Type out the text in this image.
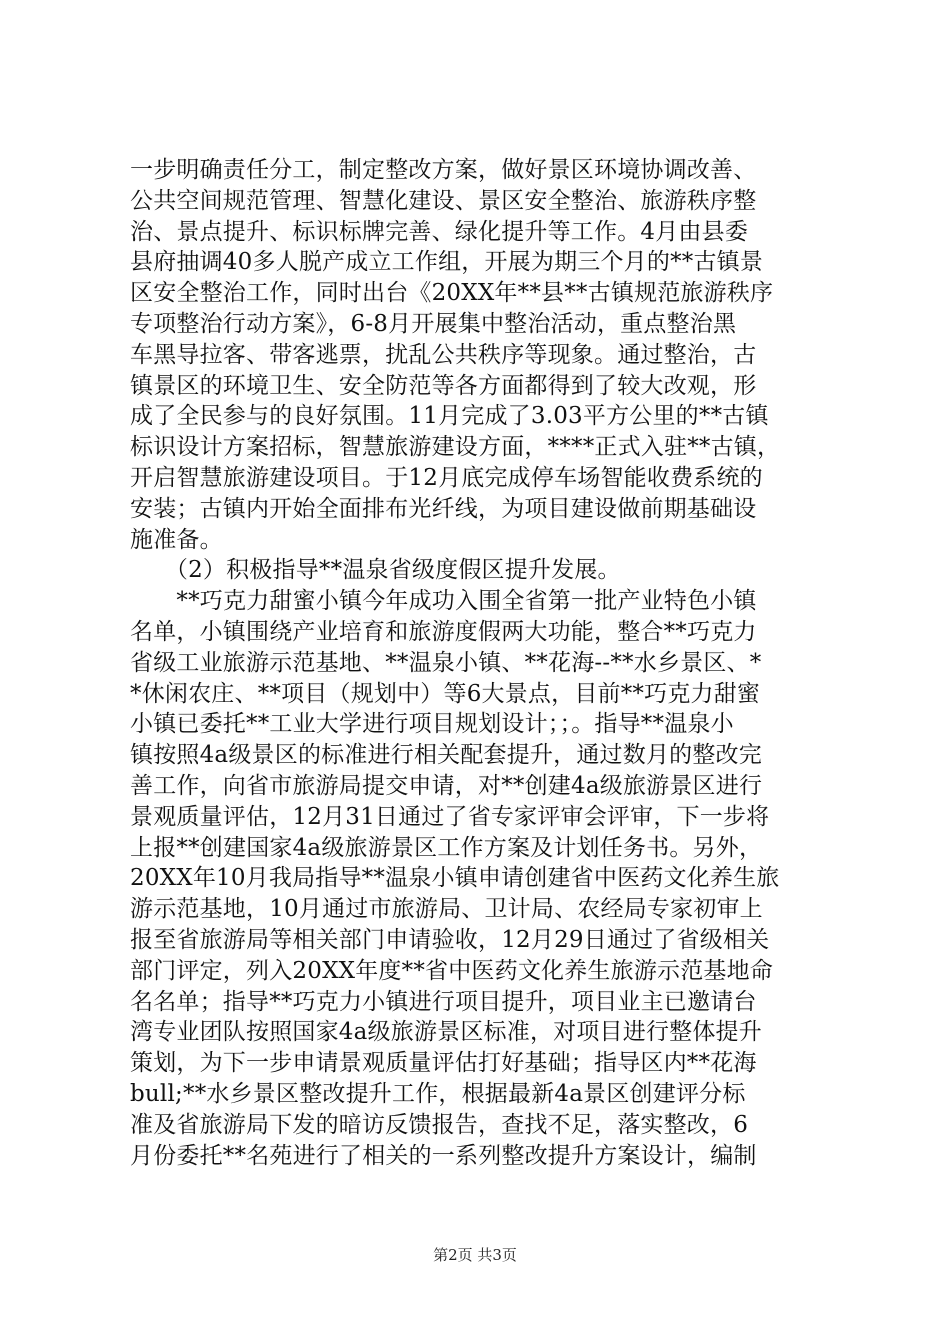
一步明确责任分工，制定整改方案，做好景区环境协调改善、
公共空间规范管理、智慧化建设、景区安全整治、旅游秩序整
治、景点提升、标识标牌完善、绿化提升等工作。4月由县委
县府抽调40多人脱产成立工作组，开展为期三个月的**古镇景
区安全整治工作，同时出台《20XX年**县**古镇规范旅游秩序
专项整治行动方案》，6-8月开展集中整治活动，重点整治黑
车黑导拉客、带客逃票，扰乱公共秩序等现象。通过整治，古
镇景区的环境卫生、安全防范等各方面都得到了较大改观，形
成了全民参与的良好氛围。11月完成了3.03平方公里的**古镇
标识设计方案招标，智慧旅游建设方面，****正式入驻**古镇，
开启智慧旅游建设项目。于12月底完成停车场智能收费系统的
安装；古镇内开始全面排布光纤线，为项目建设做前期基础设
施准备。
　　（2）积极指导**温泉省级度假区提升发展。
　　**巧克力甜蜜小镇今年成功入围全省第一批产业特色小镇
名单，小镇围绕产业培育和旅游度假两大功能，整合**巧克力
省级工业旅游示范基地、**温泉小镇、**花海--**水乡景区、*
*休闲农庄、**项目（规划中）等6大景点，目前**巧克力甜蜜
小镇已委托**工业大学进行项目规划设计；；。指导**温泉小
镇按照4a级景区的标准进行相关配套提升，通过数月的整改完
善工作，向省市旅游局提交申请，对**创建4a级旅游景区进行
景观质量评估，12月31日通过了省专家评审会评审，下一步将
上报**创建国家4a级旅游景区工作方案及计划任务书。另外，
20XX年10月我局指导**温泉小镇申请创建省中医药文化养生旅
游示范基地，10月通过市旅游局、卫计局、农经局专家初审上
报至省旅游局等相关部门申请验收，12月29日通过了省级相关
部门评定，列入20XX年度**省中医药文化养生旅游示范基地命
名名单；指导**巧克力小镇进行项目提升，项目业主已邀请台
湾专业团队按照国家4a级旅游景区标准，对项目进行整体提升
策划，为下一步申请景观质量评估打好基础；指导区内**花海
bull;**水乡景区整改提升工作，根据最新4a景区创建评分标
准及省旅游局下发的暗访反馈报告，查找不足，落实整改，6
月份委托**名苑进行了相关的一系列整改提升方案设计，编制
第2页 共3页
